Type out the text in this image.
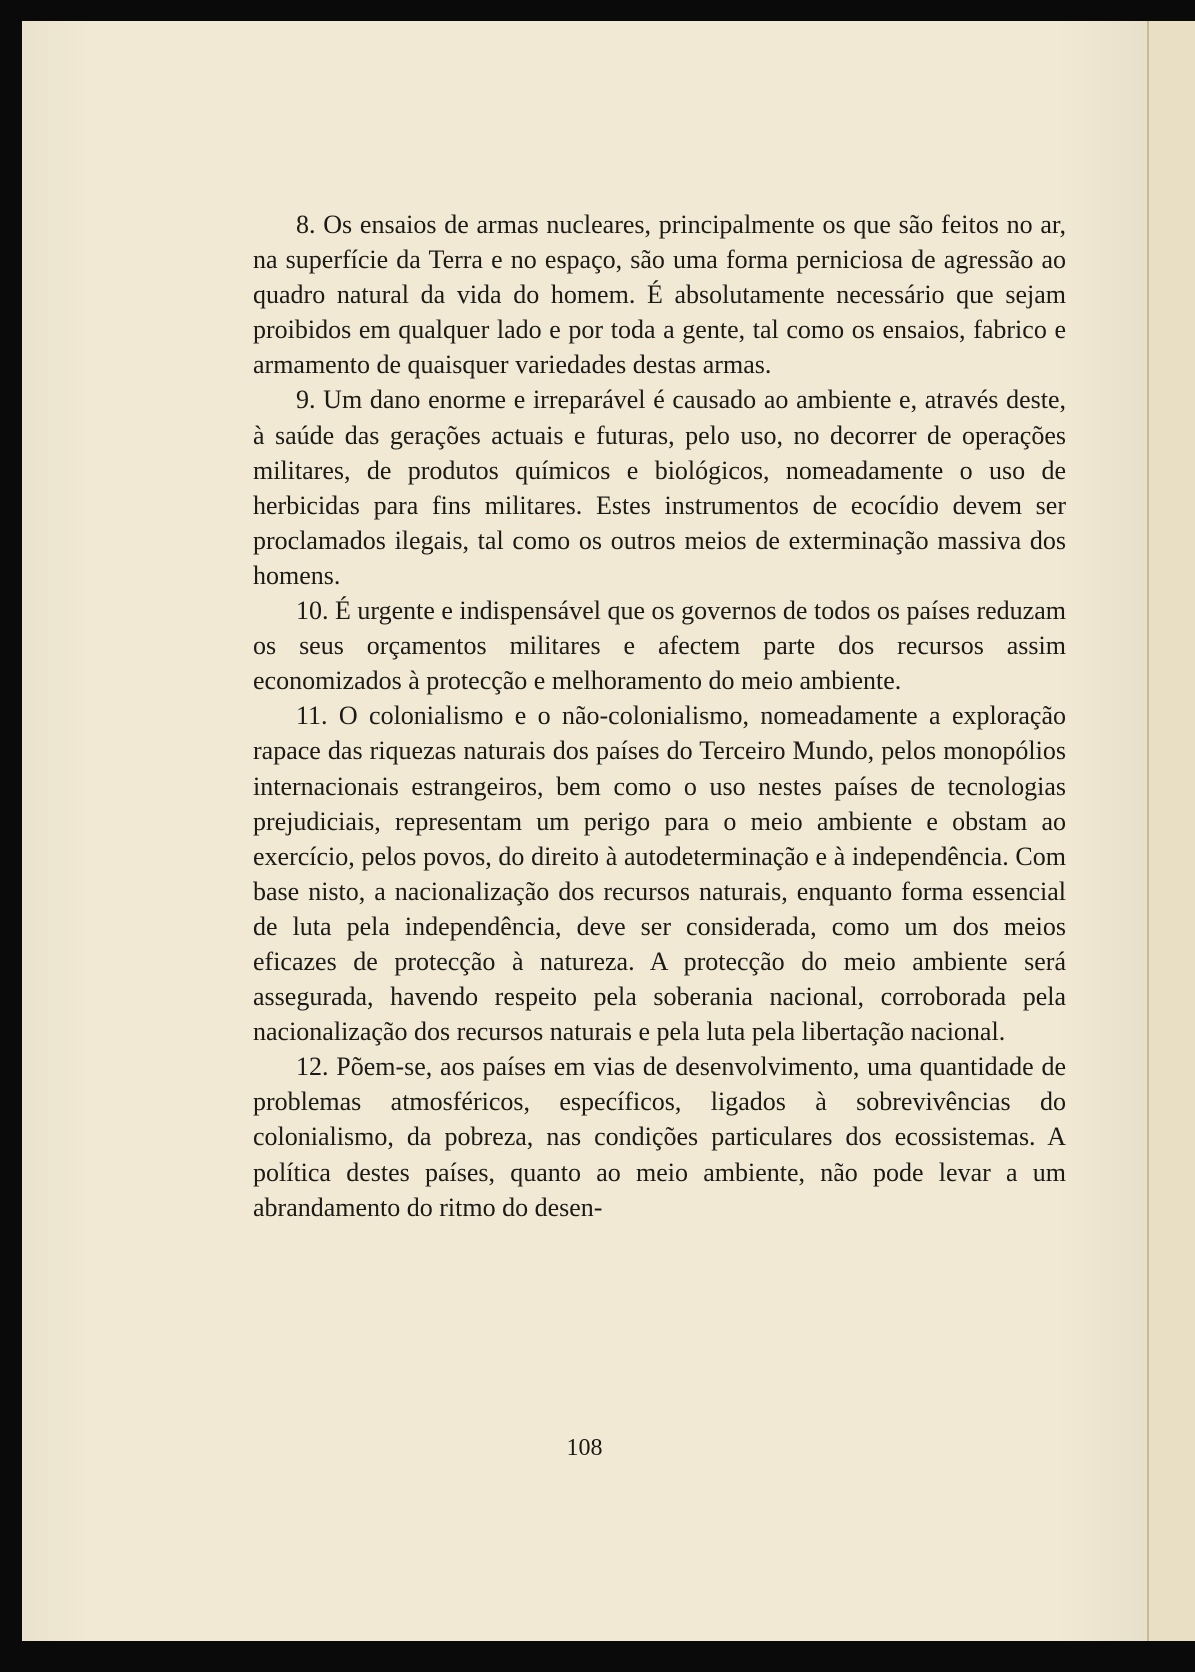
8. Os ensaios de armas nucleares, principalmente os que são feitos no ar, na superfície da Terra e no espaço, são uma forma perniciosa de agressão ao quadro natural da vida do homem. É absolutamente necessário que sejam proibidos em qualquer lado e por toda a gente, tal como os ensaios, fabrico e armamento de quaisquer variedades destas armas.

9. Um dano enorme e irreparável é causado ao ambiente e, através deste, à saúde das gerações actuais e futuras, pelo uso, no decorrer de operações militares, de produtos químicos e biológicos, nomeadamente o uso de herbicidas para fins militares. Estes instrumentos de ecocídio devem ser proclamados ilegais, tal como os outros meios de exterminação massiva dos homens.

10. É urgente e indispensável que os governos de todos os países reduzam os seus orçamentos militares e afectem parte dos recursos assim economizados à protecção e melhoramento do meio ambiente.

11. O colonialismo e o não-colonialismo, nomeadamente a exploração rapace das riquezas naturais dos países do Terceiro Mundo, pelos monopólios internacionais estrangeiros, bem como o uso nestes países de tecnologias prejudiciais, representam um perigo para o meio ambiente e obstam ao exercício, pelos povos, do direito à autodeterminação e à independência. Com base nisto, a nacionalização dos recursos naturais, enquanto forma essencial de luta pela independência, deve ser considerada, como um dos meios eficazes de protecção à natureza. A protecção do meio ambiente será assegurada, havendo respeito pela soberania nacional, corroborada pela nacionalização dos recursos naturais e pela luta pela libertação nacional.

12. Põem-se, aos países em vias de desenvolvimento, uma quantidade de problemas atmosféricos, específicos, ligados à sobrevivências do colonialismo, da pobreza, nas condições particulares dos ecossistemas. A política destes países, quanto ao meio ambiente, não pode levar a um abrandamento do ritmo do desen-

108
